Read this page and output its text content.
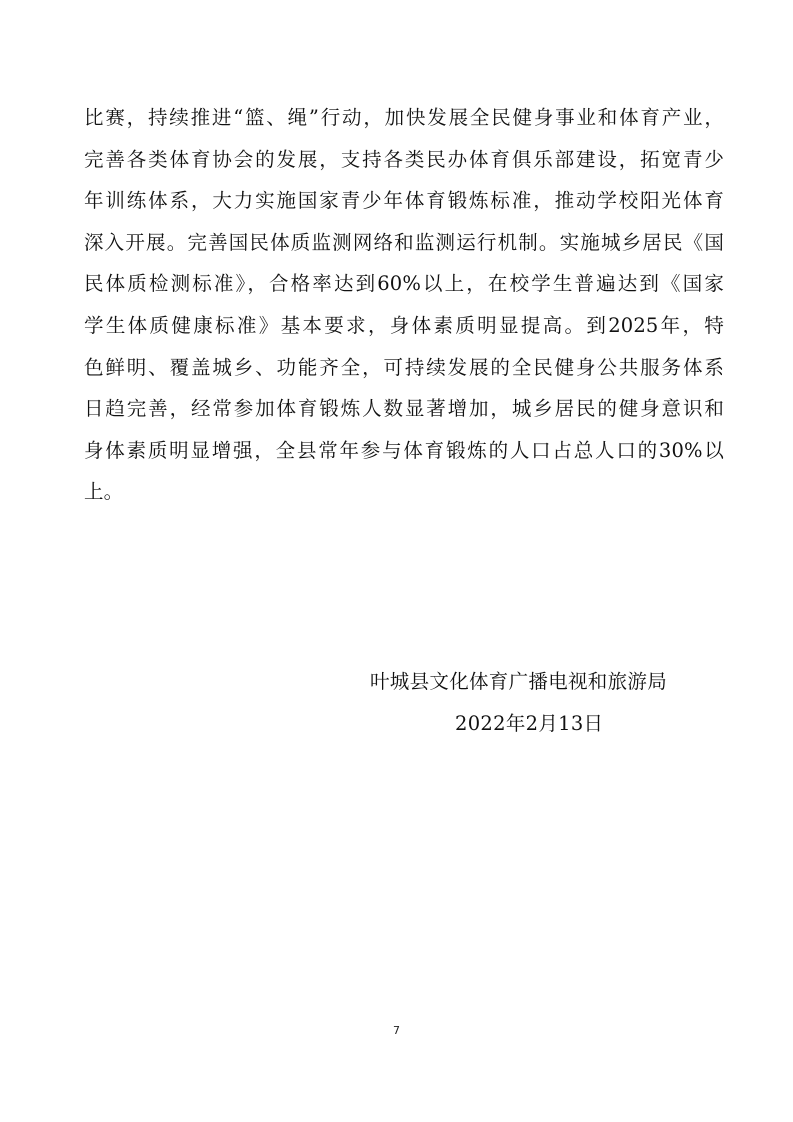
比赛，持续推进“篮、绳”行动，加快发展全民健身事业和体育产业，
完善各类体育协会的发展，支持各类民办体育俱乐部建设，拓宽青少
年训练体系，大力实施国家青少年体育锻炼标准，推动学校阳光体育
深入开展。完善国民体质监测网络和监测运行机制。实施城乡居民《国
民体质检测标准》，合格率达到60%以上，在校学生普遍达到《国家
学生体质健康标准》基本要求，身体素质明显提高。到2025年，特
色鲜明、覆盖城乡、功能齐全，可持续发展的全民健身公共服务体系
日趋完善，经常参加体育锻炼人数显著增加，城乡居民的健身意识和
身体素质明显增强，全县常年参与体育锻炼的人口占总人口的30%以
上。
叶城县文化体育广播电视和旅游局
2022年2月13日
7
